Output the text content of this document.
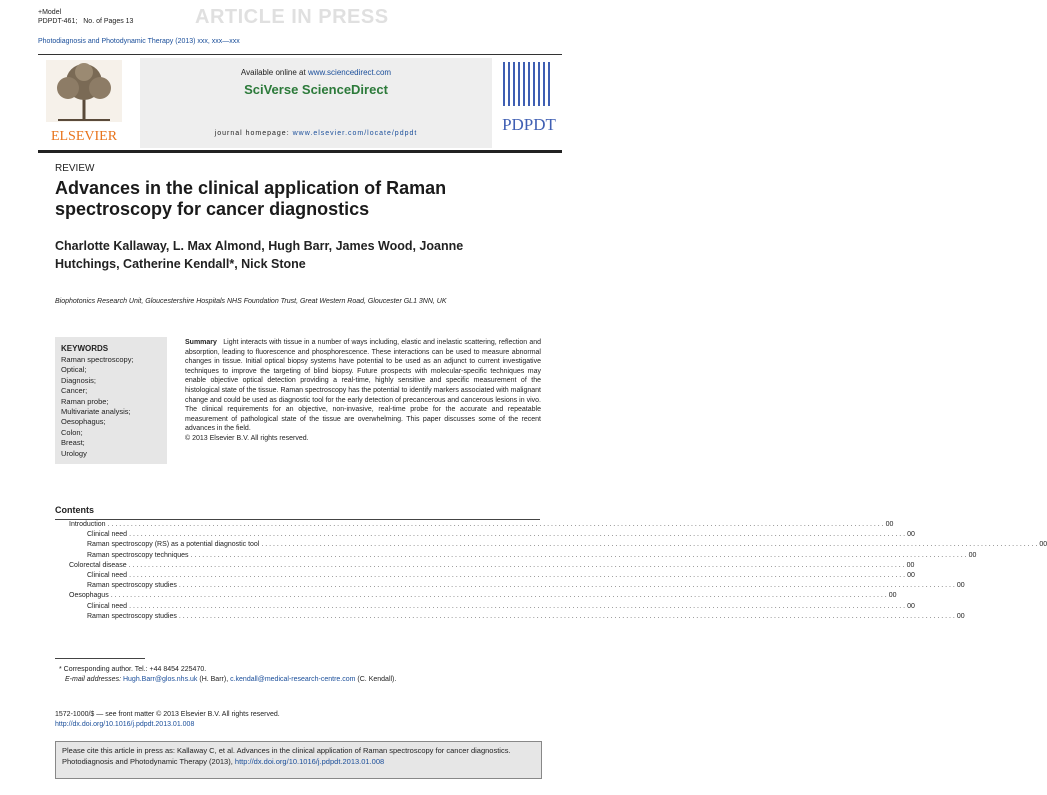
+Model
PDPDT-461; No. of Pages 13	ARTICLE IN PRESS
Photodiagnosis and Photodynamic Therapy (2013) xxx, xxx—xxx
ELSEVIER
Available online at www.sciencedirect.com
SciVerse ScienceDirect
journal homepage: www.elsevier.com/locate/pdpdt	PDPDT
REVIEW
Advances in the clinical application of Raman spectroscopy for cancer diagnostics
Charlotte Kallaway, L. Max Almond, Hugh Barr, James Wood, Joanne Hutchings, Catherine Kendall*, Nick Stone
Biophotonics Research Unit, Gloucestershire Hospitals NHS Foundation Trust, Great Western Road, Gloucester GL1 3NN, UK
KEYWORDS
Raman spectroscopy;
Optical;
Diagnosis;
Cancer;
Raman probe;
Multivariate analysis;
Oesophagus;
Colon;
Breast;
Urology
Summary Light interacts with tissue in a number of ways including, elastic and inelastic scattering, reflection and absorption, leading to fluorescence and phosphorescence. These interactions can be used to measure abnormal changes in tissue. Initial optical biopsy systems have potential to be used as an adjunct to current investigative techniques to improve the targeting of blind biopsy. Future prospects with molecular-specific techniques may enable objective optical detection providing a real-time, highly sensitive and specific measurement of the histological state of the tissue. Raman spectroscopy has the potential to identify markers associated with malignant change and could be used as diagnostic tool for the early detection of precancerous and cancerous lesions in vivo. The clinical requirements for an objective, non-invasive, real-time probe for the accurate and repeatable measurement of pathological state of the tissue are overwhelming. This paper discusses some of the recent advances in the field.
© 2013 Elsevier B.V. All rights reserved.
Contents
Introduction . . . . . . . . . . . . . . . . . . . . . . . . . . . . . . . . . . . . . . . . . . . . . . . . . . . . . . . . . . . . . . . . . . . . . . . . . . . . . . . . . . . . . . . . . . . . . . . . . . . . . . . . . . . . . . . . . . . . . . . . . . . . . . . . . . . . . . . . . . . . . . . . . . . . . . . . . . . . . . . . . . . . . . . . . . . . . . . . . . . . . . . . . . . . . . . . . . . . . . . . 00
Clinical need . . . . . . . . . . . . . . . . . . . . . . . . . . . . . . . . . . . . . . . . . . . . . . . . . . . . . . . . . . . . . . . . . . . . . . . . . . . . . . . . . . . . . . . . . . . . . . . . . . . . . . . . . . . . . . . . . . . . . . . . . . . . . . . . . . . . . . . . . . . . . . . . . . . . . . . . . . . . . . . . . . . . . . . . . . . . . . . . . . . . . . . . . . . . . . . . . . . . . . . . 00
Raman spectroscopy (RS) as a potential diagnostic tool . . . . . . . . . . . . . . . . . . . . . . . . . . . . . . . . . . . . . . . . . . . . . . . . . . . . . . . . . . . . . . . . . . . . . . . . . . . . . . . . . . . . . . . . . . . . . . . . . . . . . . . . . . . . . . . . . . . . . . . . . . . . . . . . . . . . . . . . . . . . . . . . . . . . . . . . . . . . . . . . . . . . . . . . . . . . . . . . . . . . . . . . . . . . . . . . . . . . . . . . 00
Raman spectroscopy techniques . . . . . . . . . . . . . . . . . . . . . . . . . . . . . . . . . . . . . . . . . . . . . . . . . . . . . . . . . . . . . . . . . . . . . . . . . . . . . . . . . . . . . . . . . . . . . . . . . . . . . . . . . . . . . . . . . . . . . . . . . . . . . . . . . . . . . . . . . . . . . . . . . . . . . . . . . . . . . . . . . . . . . . . . . . . . . . . . . . . . . . . . . . . . . . . . . . . . . . . . 00
Colorectal disease . . . . . . . . . . . . . . . . . . . . . . . . . . . . . . . . . . . . . . . . . . . . . . . . . . . . . . . . . . . . . . . . . . . . . . . . . . . . . . . . . . . . . . . . . . . . . . . . . . . . . . . . . . . . . . . . . . . . . . . . . . . . . . . . . . . . . . . . . . . . . . . . . . . . . . . . . . . . . . . . . . . . . . . . . . . . . . . . . . . . . . . . . . . . . . . . . . . . . . . . 00
Clinical need . . . . . . . . . . . . . . . . . . . . . . . . . . . . . . . . . . . . . . . . . . . . . . . . . . . . . . . . . . . . . . . . . . . . . . . . . . . . . . . . . . . . . . . . . . . . . . . . . . . . . . . . . . . . . . . . . . . . . . . . . . . . . . . . . . . . . . . . . . . . . . . . . . . . . . . . . . . . . . . . . . . . . . . . . . . . . . . . . . . . . . . . . . . . . . . . . . . . . . . . 00
Raman spectroscopy studies . . . . . . . . . . . . . . . . . . . . . . . . . . . . . . . . . . . . . . . . . . . . . . . . . . . . . . . . . . . . . . . . . . . . . . . . . . . . . . . . . . . . . . . . . . . . . . . . . . . . . . . . . . . . . . . . . . . . . . . . . . . . . . . . . . . . . . . . . . . . . . . . . . . . . . . . . . . . . . . . . . . . . . . . . . . . . . . . . . . . . . . . . . . . . . . . . . . . . . . . 00
Oesophagus . . . . . . . . . . . . . . . . . . . . . . . . . . . . . . . . . . . . . . . . . . . . . . . . . . . . . . . . . . . . . . . . . . . . . . . . . . . . . . . . . . . . . . . . . . . . . . . . . . . . . . . . . . . . . . . . . . . . . . . . . . . . . . . . . . . . . . . . . . . . . . . . . . . . . . . . . . . . . . . . . . . . . . . . . . . . . . . . . . . . . . . . . . . . . . . . . . . . . . . . 00
Clinical need . . . . . . . . . . . . . . . . . . . . . . . . . . . . . . . . . . . . . . . . . . . . . . . . . . . . . . . . . . . . . . . . . . . . . . . . . . . . . . . . . . . . . . . . . . . . . . . . . . . . . . . . . . . . . . . . . . . . . . . . . . . . . . . . . . . . . . . . . . . . . . . . . . . . . . . . . . . . . . . . . . . . . . . . . . . . . . . . . . . . . . . . . . . . . . . . . . . . . . . . 00
Raman spectroscopy studies . . . . . . . . . . . . . . . . . . . . . . . . . . . . . . . . . . . . . . . . . . . . . . . . . . . . . . . . . . . . . . . . . . . . . . . . . . . . . . . . . . . . . . . . . . . . . . . . . . . . . . . . . . . . . . . . . . . . . . . . . . . . . . . . . . . . . . . . . . . . . . . . . . . . . . . . . . . . . . . . . . . . . . . . . . . . . . . . . . . . . . . . . . . . . . . . . . . . . . . . 00
* Corresponding author. Tel.: +44 8454 225470.
E-mail addresses: Hugh.Barr@glos.nhs.uk (H. Barr), c.kendall@medical-research-centre.com (C. Kendall).
1572-1000/$ — see front matter © 2013 Elsevier B.V. All rights reserved.
http://dx.doi.org/10.1016/j.pdpdt.2013.01.008
Please cite this article in press as: Kallaway C, et al. Advances in the clinical application of Raman spectroscopy for cancer diagnostics. Photodiagnosis and Photodynamic Therapy (2013), http://dx.doi.org/10.1016/j.pdpdt.2013.01.008
